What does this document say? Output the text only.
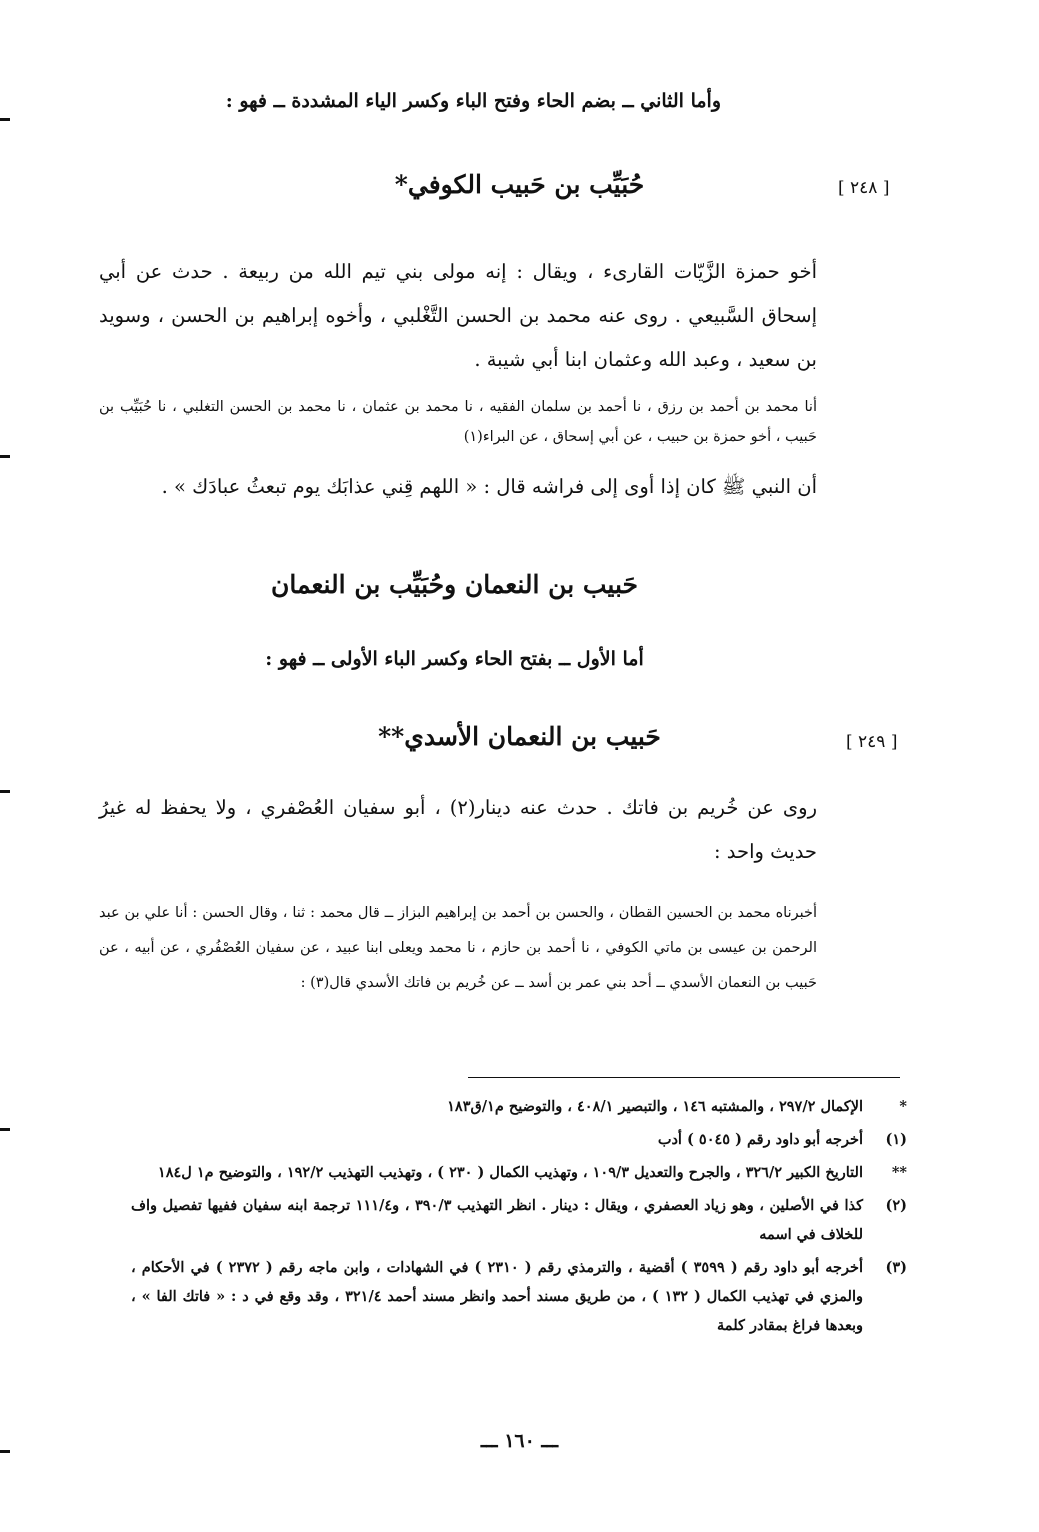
وأما الثاني ــ بضم الحاء وفتح الباء وكسر الياء المشددة ــ فهو :
[ ٢٤٨ ]
حُبَيِّب بن حَبيب الكوفي*
أخو حمزة الزَّيّات القارىء ، ويقال : إنه مولى بني تيم الله من ربيعة . حدث عن أبي إسحاق السَّبيعي . روى عنه محمد بن الحسن التَّغْلبي ، وأخوه إبراهيم بن الحسن ، وسويد بن سعيد ، وعبد الله وعثمان ابنا أبي شيبة .
أنا محمد بن أحمد بن رزق ، نا أحمد بن سلمان الفقيه ، نا محمد بن عثمان ، نا محمد بن الحسن التغلبي ، نا حُبَيِّب بن حَبيب ، أخو حمزة بن حبيب ، عن أبي إسحاق ، عن البراء(١)
أن النبي ﷺ كان إذا أوى إلى فراشه قال : « اللهم قِني عذابَك يوم تبعثُ عبادَك » .
حَبيب بن النعمان وحُبَيِّب بن النعمان
أما الأول ــ بفتح الحاء وكسر الباء الأولى ــ فهو :
[ ٢٤٩ ]
حَبيب بن النعمان الأسدي**
روى عن خُريم بن فاتك . حدث عنه دينار(٢) ، أبو سفيان العُصْفري ، ولا يحفظ له غيرُ حديث واحد :
أخبرناه محمد بن الحسين القطان ، والحسن بن أحمد بن إبراهيم البزاز ــ قال محمد : ثنا ، وقال الحسن : أنا علي بن عبد الرحمن بن عيسى بن ماتي الكوفي ، نا أحمد بن حازم ، نا محمد ويعلى ابنا عبيد ، عن سفيان العُصْفُري ، عن أبيه ، عن حَبيب بن النعمان الأسدي ــ أحد بني عمر بن أسد ــ عن خُريم بن فاتك الأسدي قال(٣) :
*
الإكمال ٢٩٧/٢ ، والمشتبه ١٤٦ ، والتبصير ٤٠٨/١ ، والتوضيح م١/ق١٨٣
(١)
أخرجه أبو داود رقم ( ٥٠٤٥ ) أدب
**
التاريخ الكبير ٣٢٦/٢ ، والجرح والتعديل ١٠٩/٣ ، وتهذيب الكمال ( ٢٣٠ ) ، وتهذيب التهذيب ١٩٢/٢ ، والتوضيح م١ ل١٨٤
(٢)
كذا في الأصلين ، وهو زياد العصفري ، ويقال : دينار . انظر التهذيب ٣٩٠/٣ ، و١١١/٤ ترجمة ابنه سفيان ففيها تفصيل واف للخلاف في اسمه
(٣)
أخرجه أبو داود رقم ( ٣٥٩٩ ) أقضية ، والترمذي رقم ( ٢٣١٠ ) في الشهادات ، وابن ماجه رقم ( ٢٣٧٢ ) في الأحكام ، والمزي في تهذيب الكمال ( ١٣٢ ) ، من طريق مسند أحمد وانظر مسند أحمد ٣٢١/٤ ، وقد وقع في د : « فاتك الفا » ، وبعدها فراغ بمقادر كلمة
ـــ ١٦٠ ـــ
